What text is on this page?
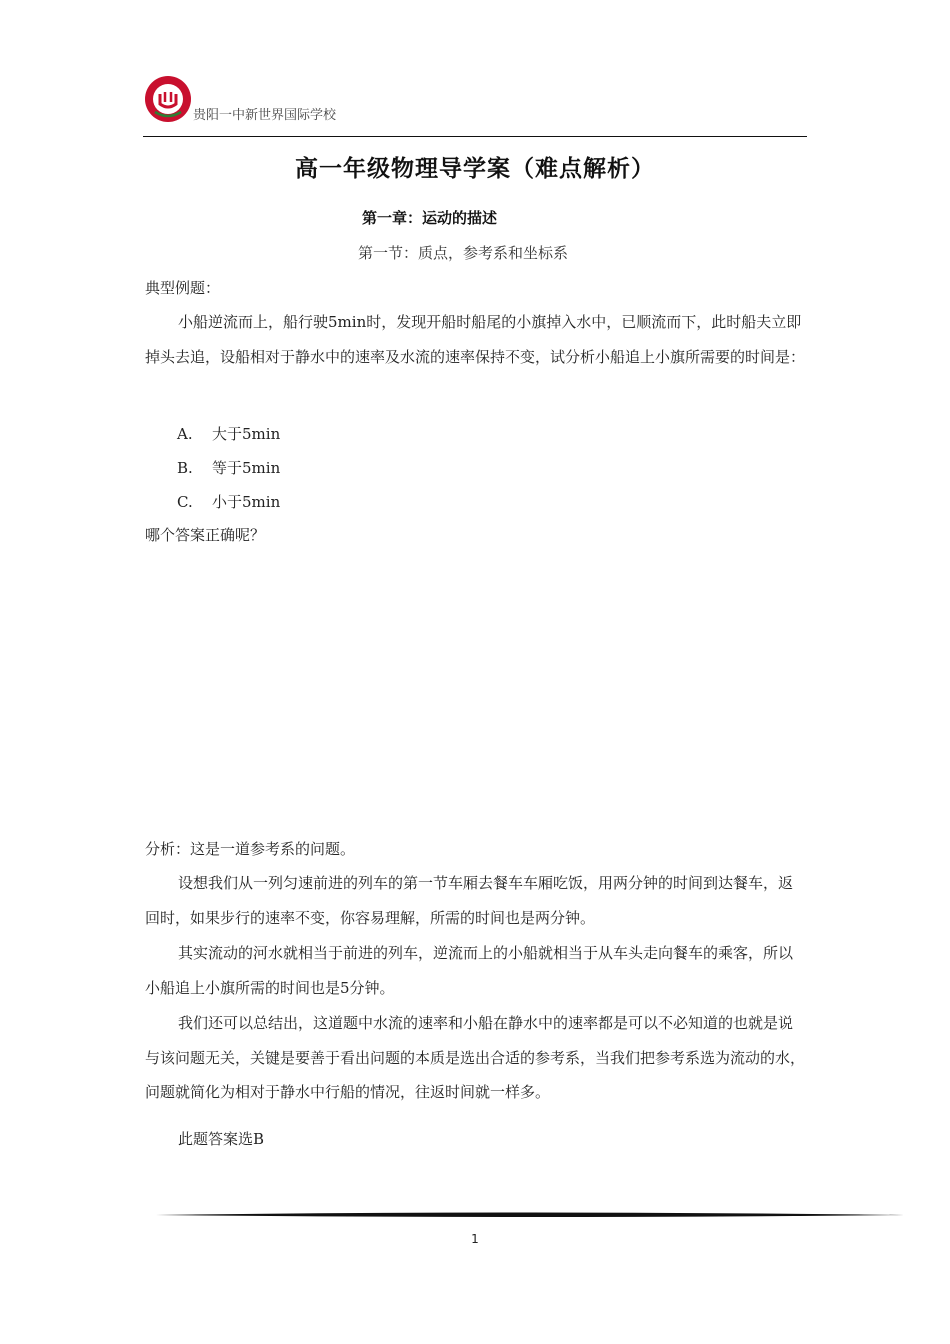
贵阳一中新世界国际学校
高一年级物理导学案（难点解析）
第一章：运动的描述
第一节：质点，参考系和坐标系

典型例题：

小船逆流而上，船行驶5min时，发现开船时船尾的小旗掉入水中，已顺流而下，此时船夫立即掉头去追，设船相对于静水中的速率及水流的速率保持不变，试分析小船追上小旗所需要的时间是：

A. 大于5min
B. 等于5min
C. 小于5min

哪个答案正确呢？

分析：这是一道参考系的问题。

设想我们从一列匀速前进的列车的第一节车厢去餐车车厢吃饭，用两分钟的时间到达餐车，返回时，如果步行的速率不变，你容易理解，所需的时间也是两分钟。

其实流动的河水就相当于前进的列车，逆流而上的小船就相当于从车头走向餐车的乘客，所以小船追上小旗所需的时间也是5分钟。

我们还可以总结出，这道题中水流的速率和小船在静水中的速率都是可以不必知道的也就是说与该问题无关，关键是要善于看出问题的本质是选出合适的参考系，当我们把参考系选为流动的水，问题就简化为相对于静水中行船的情况，往返时间就一样多。

此题答案选B

1
